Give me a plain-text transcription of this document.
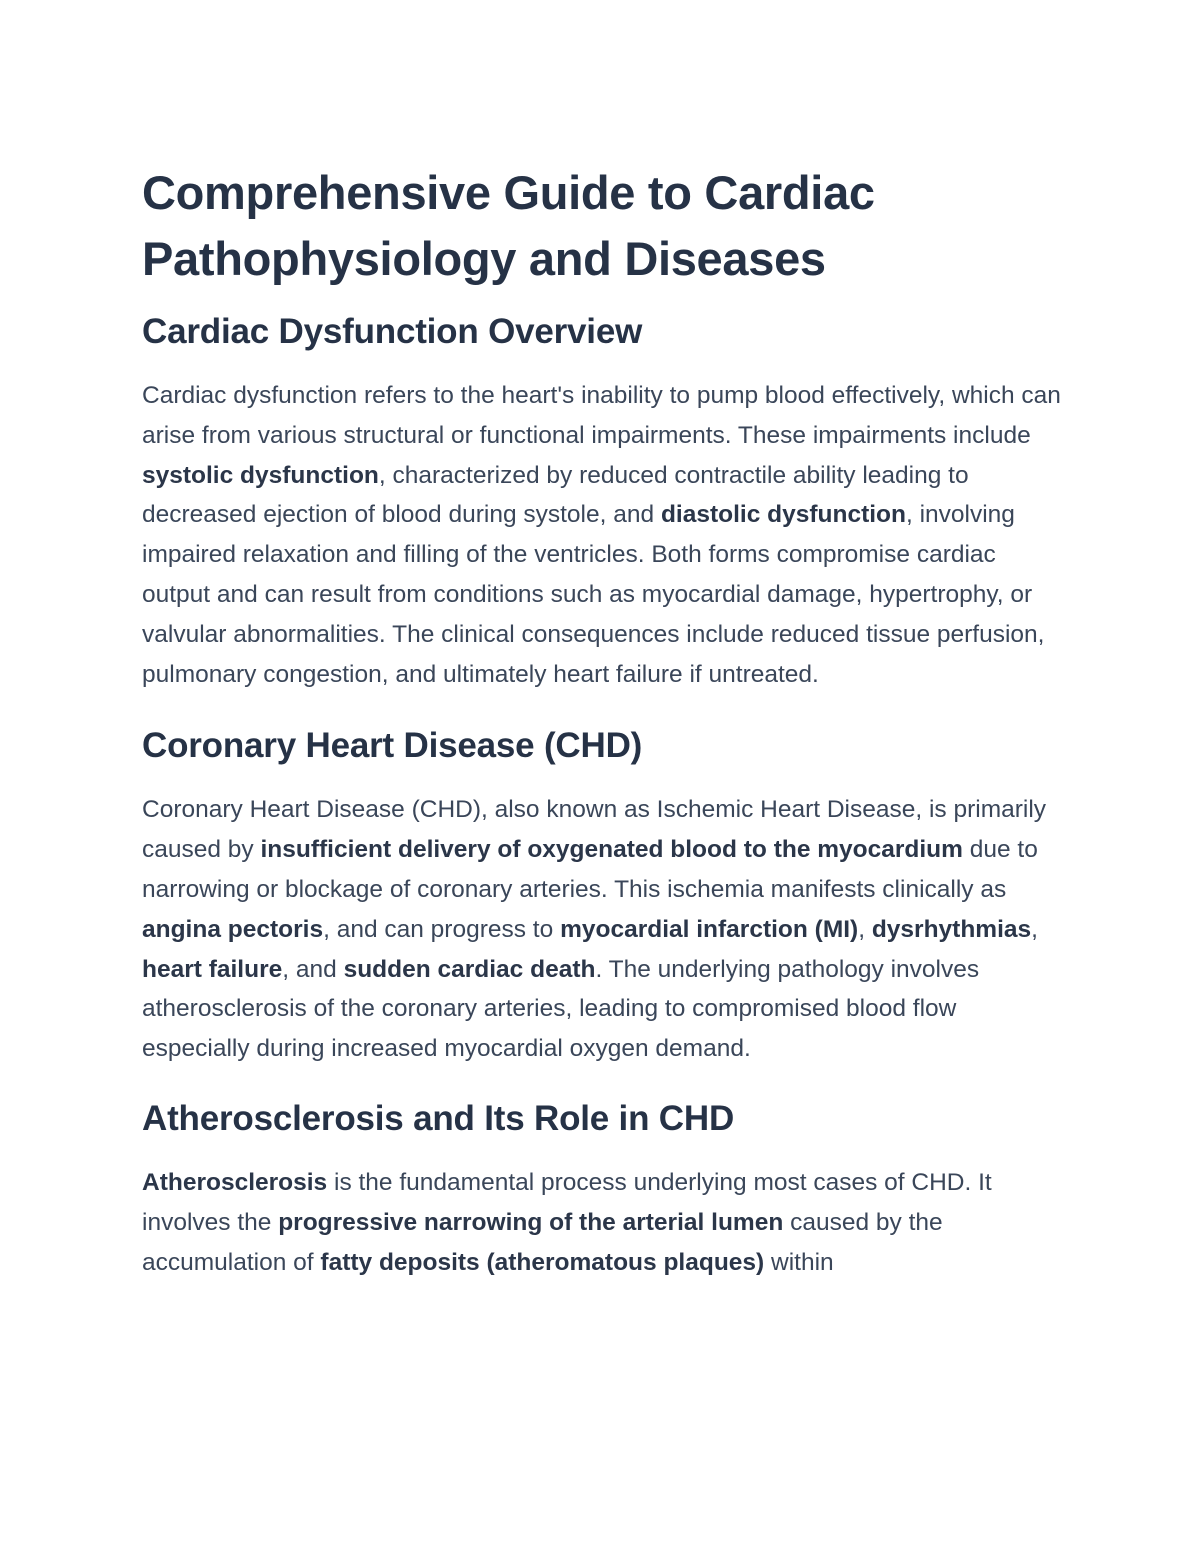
Comprehensive Guide to Cardiac Pathophysiology and Diseases
Cardiac Dysfunction Overview

Cardiac dysfunction refers to the heart's inability to pump blood effectively, which can arise from various structural or functional impairments. These impairments include systolic dysfunction, characterized by reduced contractile ability leading to decreased ejection of blood during systole, and diastolic dysfunction, involving impaired relaxation and filling of the ventricles. Both forms compromise cardiac output and can result from conditions such as myocardial damage, hypertrophy, or valvular abnormalities. The clinical consequences include reduced tissue perfusion, pulmonary congestion, and ultimately heart failure if untreated.

Coronary Heart Disease (CHD)

Coronary Heart Disease (CHD), also known as Ischemic Heart Disease, is primarily caused by insufficient delivery of oxygenated blood to the myocardium due to narrowing or blockage of coronary arteries. This ischemia manifests clinically as angina pectoris, and can progress to myocardial infarction (MI), dysrhythmias, heart failure, and sudden cardiac death. The underlying pathology involves atherosclerosis of the coronary arteries, leading to compromised blood flow especially during increased myocardial oxygen demand.

Atherosclerosis and Its Role in CHD

Atherosclerosis is the fundamental process underlying most cases of CHD. It involves the progressive narrowing of the arterial lumen caused by the accumulation of fatty deposits (atheromatous plaques) within
